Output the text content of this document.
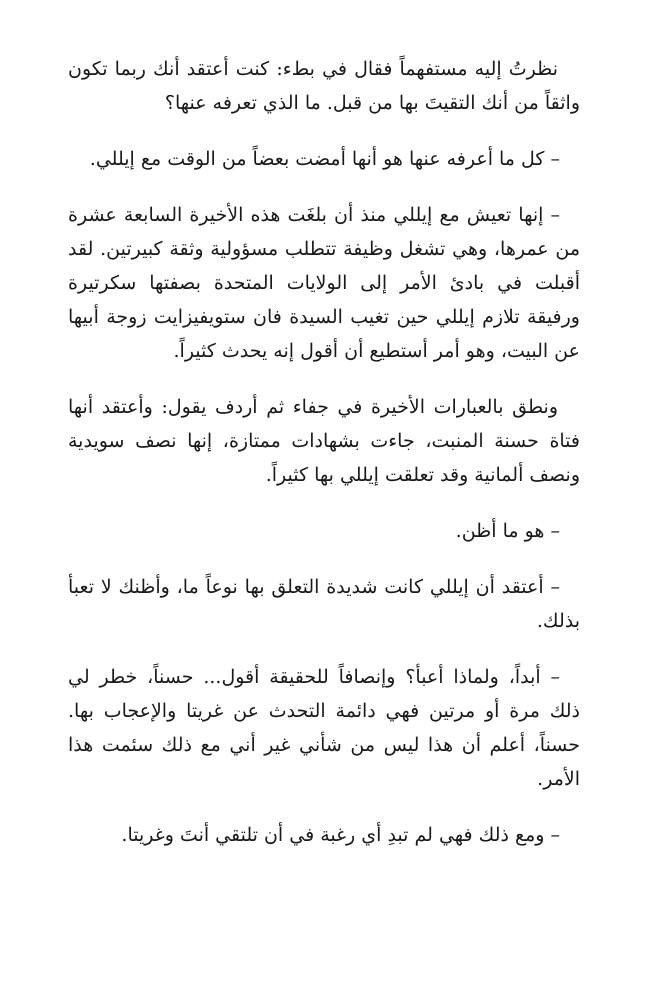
نظرتُ إليه مستفهماً فقال في بطء: كنت أعتقد أنك ربما تكون واثقاً من أنك التقيتَ بها من قبل. ما الذي تعرفه عنها؟

– كل ما أعرفه عنها هو أنها أمضت بعضاً من الوقت مع إيللي.

– إنها تعيش مع إيللي منذ أن بلغَت هذه الأخيرة السابعة عشرة من عمرها، وهي تشغل وظيفة تتطلب مسؤولية وثقة كبيرتين. لقد أقبلت في بادئ الأمر إلى الولايات المتحدة بصفتها سكرتيرة ورفيقة تلازم إيللي حين تغيب السيدة فان ستويفيزايت زوجة أبيها عن البيت، وهو أمر أستطيع أن أقول إنه يحدث كثيراً.

ونطق بالعبارات الأخيرة في جفاء ثم أردف يقول: وأعتقد أنها فتاة حسنة المنبت، جاءت بشهادات ممتازة، إنها نصف سويدية ونصف ألمانية وقد تعلقت إيللي بها كثيراً.

– هو ما أظن.

– أعتقد أن إيللي كانت شديدة التعلق بها نوعاً ما، وأظنك لا تعبأ بذلك.

– أبداً، ولماذا أعبأ؟ وإنصافاً للحقيقة أقول... حسناً، خطر لي ذلك مرة أو مرتين فهي دائمة التحدث عن غريتا والإعجاب بها. حسناً، أعلم أن هذا ليس من شأني غير أني مع ذلك سئمت هذا الأمر.

– ومع ذلك فهي لم تبدِ أي رغبة في أن تلتقي أنتَ وغريتا.
